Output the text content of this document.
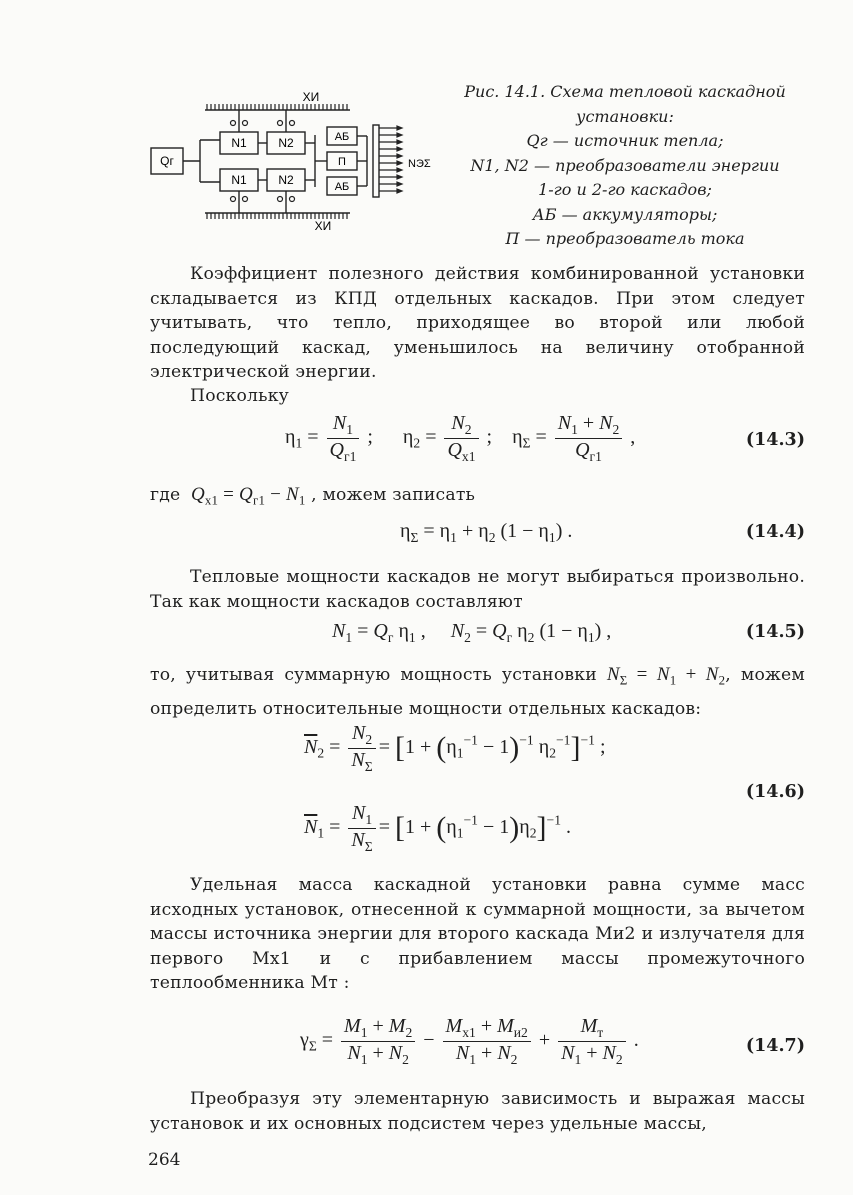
ХИ
ХИ
Qг
N1	N2
N1	N2
АБ
П
АБ
NЭΣ
Рис. 14.1. Схема тепловой каскадной
установки:
Qг — источник тепла;
N1, N2 — преобразователи энергии
1-го и 2-го каскадов;
АБ — аккумуляторы;
П — преобразователь тока
Коэффициент полезного действия комбинированной установки складывается из КПД отдельных каскадов. При этом следует учитывать, что тепло, приходящее во второй или любой последующий каскад, уменьшилось на величину отобранной электрической энергии.
Поскольку
$\eta_1 = \frac{N_1}{Q_{г1}}$ ;      $\eta_2 = \frac{N_2}{Q_{х1}}$ ;    $\eta_\Sigma = \frac{N_1 + N_2}{Q_{г1}}$ ,	(14.3)
где $Q_{x1} = Q_{г1} - N_1$ , можем записать
$\eta_\Sigma = \eta_1 + \eta_2$ $(1 - \eta_1)$ .	(14.4)
Тепловые мощности каскадов не могут выбираться произвольно. Так как мощности каскадов составляют
$N_1 = Q_г$ $\eta_1$ ,     $N_2 = Q_г$ $\eta_2$ $(1 - \eta_1)$ ,	(14.5)
то, учитывая суммарную мощность установки $N_\Sigma = N_1 + N_2$, можем определить относительные мощности отдельных каскадов:
$\overline{N}_2 = \frac{N_2}{N_\Sigma} = [1 + (\eta_1^{-1} - 1)^{-1}$ $\eta_2^{-1}]^{-1}$ ;
$\overline{N}_1 = \frac{N_1}{N_\Sigma} = [1 + (\eta_1^{-1} - 1)\eta_2]^{-1}$ .
(14.6)
Удельная масса каскадной установки равна сумме масс исходных установок, отнесенной к суммарной мощности, за вычетом массы источника энергии для второго каскада Mи2 и излучателя для первого Mх1 и с прибавлением массы промежуточного теплообменника Mт :
$\gamma_\Sigma = \frac{M_1 + M_2}{N_1 + N_2} - \frac{M_{x1} + M_{и2}}{N_1 + N_2} + \frac{M_т}{N_1 + N_2}$ .	(14.7)
Преобразуя эту элементарную зависимость и выражая массы установок и их основных подсистем через удельные массы,
264
